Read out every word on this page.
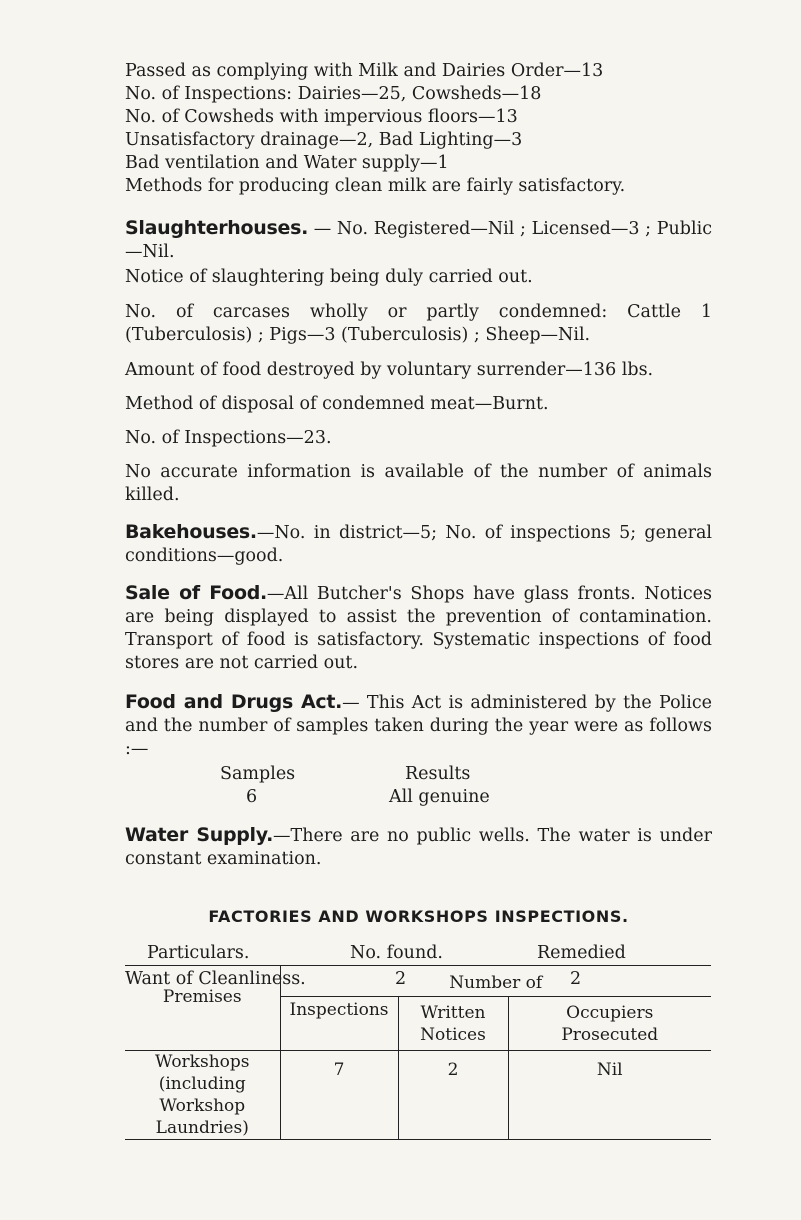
Passed as complying with Milk and Dairies Order—13
No. of Inspections: Dairies—25, Cowsheds—18
No. of Cowsheds with impervious floors—13
Unsatisfactory drainage—2, Bad Lighting—3
Bad ventilation and Water supply—1
Methods for producing clean milk are fairly satisfactory.
Slaughterhouses. — No. Registered—Nil ; Licensed—3 ; Public—Nil.
Notice of slaughtering being duly carried out.
No. of carcases wholly or partly condemned: Cattle 1 (Tuberculosis) ; Pigs—3 (Tuberculosis) ; Sheep—Nil.
Amount of food destroyed by voluntary surrender—136 lbs.
Method of disposal of condemned meat—Burnt.
No. of Inspections—23.
No accurate information is available of the number of animals killed.
Bakehouses.—No. in district—5; No. of inspections 5; general conditions—good.
Sale of Food.—All Butcher's Shops have glass fronts. Notices are being displayed to assist the prevention of contamination. Transport of food is satisfactory. Systematic inspections of food stores are not carried out.
Food and Drugs Act.— This Act is administered by the Police and the number of samples taken during the year were as follows :—
Samples	Results
6	All genuine
Water Supply.—There are no public wells. The water is under constant examination.
FACTORIES AND WORKSHOPS INSPECTIONS.
Particulars.	No. found.	Remedied
Want of Cleanliness.	2	2
Premises	Number of		
	Inspections	Written Notices	Occupiers Prosecuted
Workshops (including Workshop Laundries)	7	2	Nil
